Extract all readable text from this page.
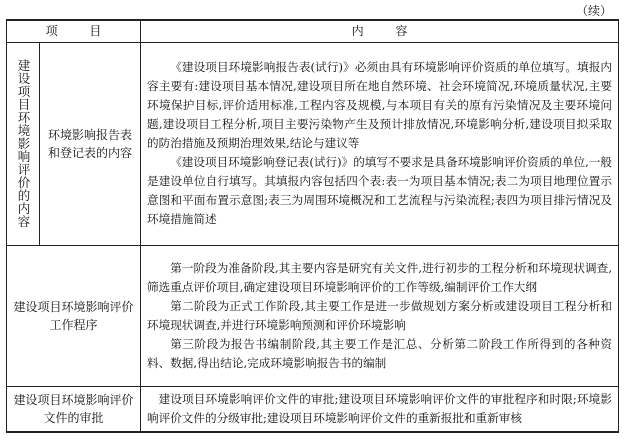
（续）
项 目		内 容

建设项目环境影响评价的内容	环境影响报告表和登记表的内容	《建设项目环境影响报告表(试行)》必须由具有环境影响评价资质的单位填写。填报内容主要有:建设项目基本情况,建设项目所在地自然环境、社会环境简况,环境质量状况,主要环境保护目标,评价适用标准,工程内容及规模,与本项目有关的原有污染情况及主要环境问题,建设项目工程分析,项目主要污染物产生及预计排放情况,环境影响分析,建设项目拟采取的防治措施及预期治理效果,结论与建议等

《建设项目环境影响登记表(试行)》的填写不要求是具备环境影响评价资质的单位,一般是建设单位自行填写。其填报内容包括四个表:表一为项目基本情况;表二为项目地理位置示意图和平面布置示意图;表三为周围环境概况和工艺流程与污染流程;表四为项目排污情况及环境措施简述

建设项目环境影响评价工作程序		第一阶段为准备阶段,其主要内容是研究有关文件,进行初步的工程分析和环境现状调查,筛选重点评价项目,确定建设项目环境影响评价的工作等级,编制评价工作大纲

第二阶段为正式工作阶段,其主要工作是进一步做规划方案分析或建设项目工程分析和环境现状调查,并进行环境影响预测和评价环境影响

第三阶段为报告书编制阶段,其主要工作是汇总、分析第二阶段工作所得到的各种资料、数据,得出结论,完成环境影响报告书的编制

建设项目环境影响评价文件的审批		建设项目环境影响评价文件的审批;建设项目环境影响评价文件的审批程序和时限;环境影响评价文件的分级审批;建设项目环境影响评价文件的重新报批和重新审核
